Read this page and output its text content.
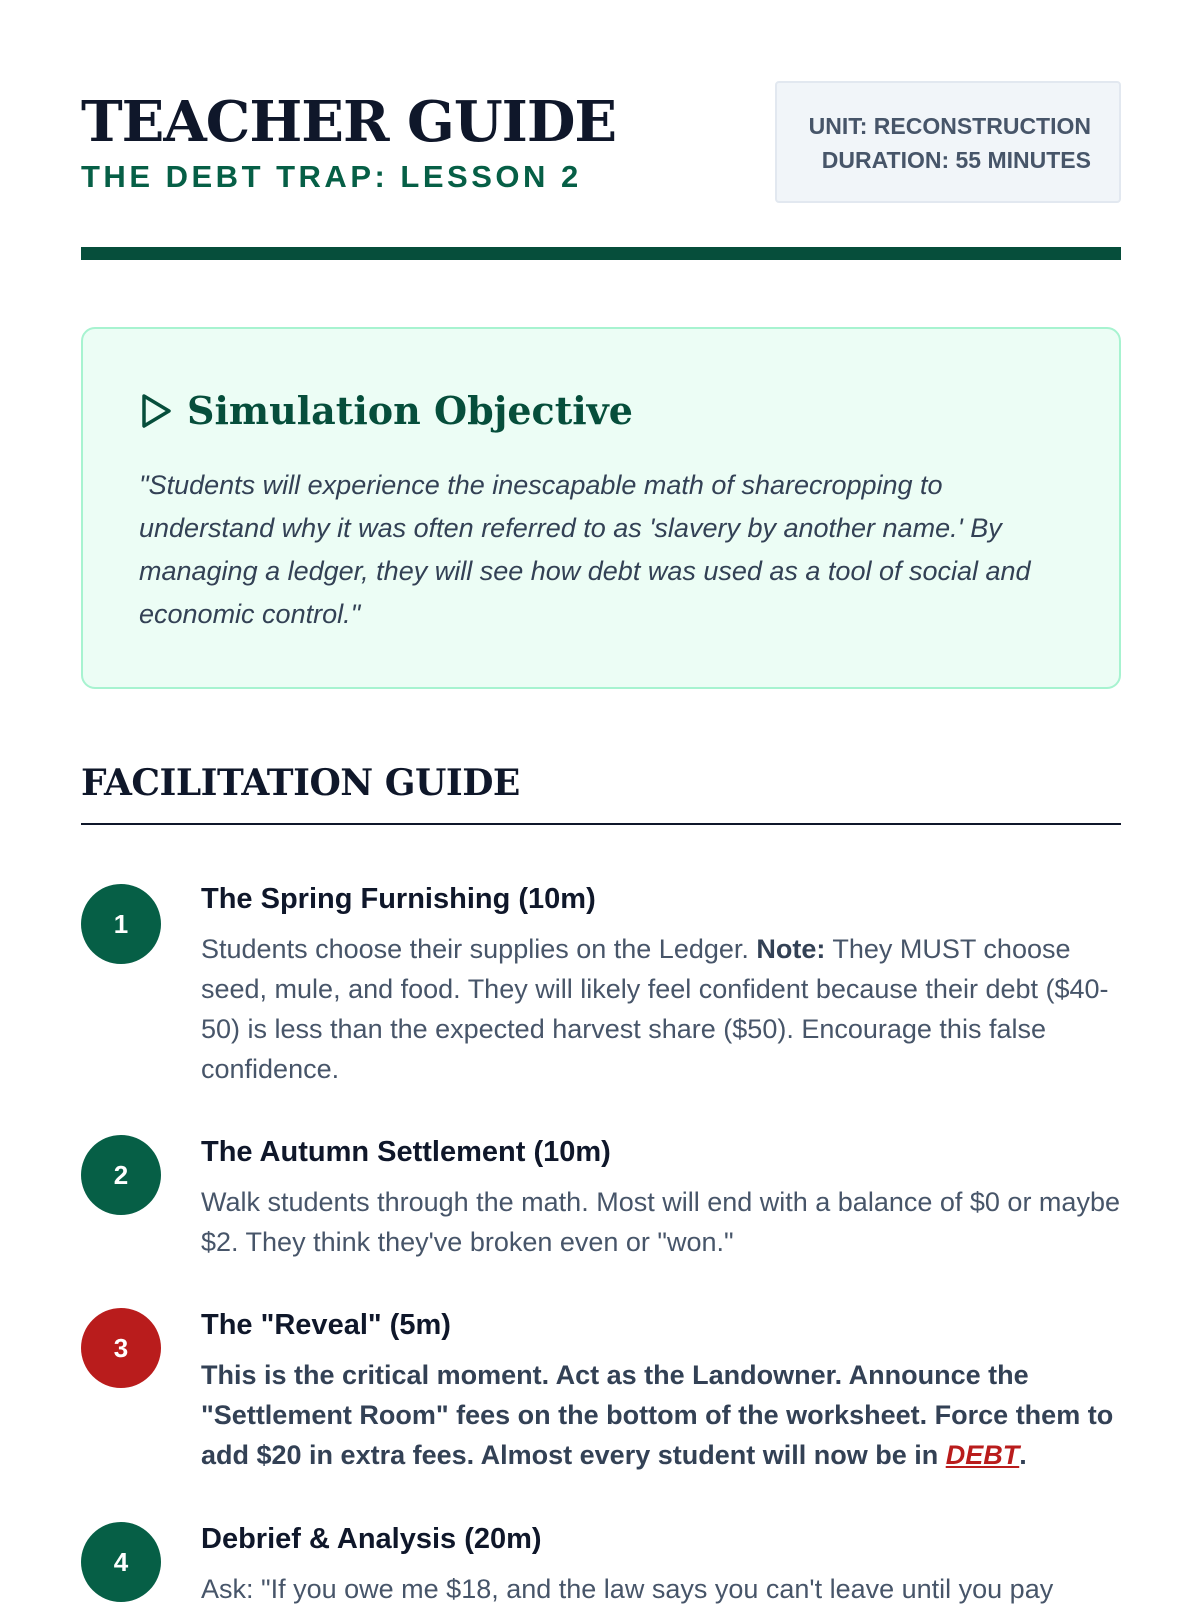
TEACHER GUIDE
THE DEBT TRAP: LESSON 2
UNIT: RECONSTRUCTION
DURATION: 55 MINUTES
Simulation Objective

"Students will experience the inescapable math of sharecropping to understand why it was often referred to as 'slavery by another name.' By managing a ledger, they will see how debt was used as a tool of social and economic control."

FACILITATION GUIDE
1
The Spring Furnishing (10m)

Students choose their supplies on the Ledger. Note: They MUST choose seed, mule, and food. They will likely feel confident because their debt ($40-50) is less than the expected harvest share ($50). Encourage this false confidence.

2
The Autumn Settlement (10m)

Walk students through the math. Most will end with a balance of $0 or maybe $2. They think they've broken even or "won."

3
The "Reveal" (5m)

This is the critical moment. Act as the Landowner. Announce the "Settlement Room" fees on the bottom of the worksheet. Force them to add $20 in extra fees. Almost every student will now be in DEBT.

4
Debrief & Analysis (20m)

Ask: "If you owe me $18, and the law says you can't leave until you pay
